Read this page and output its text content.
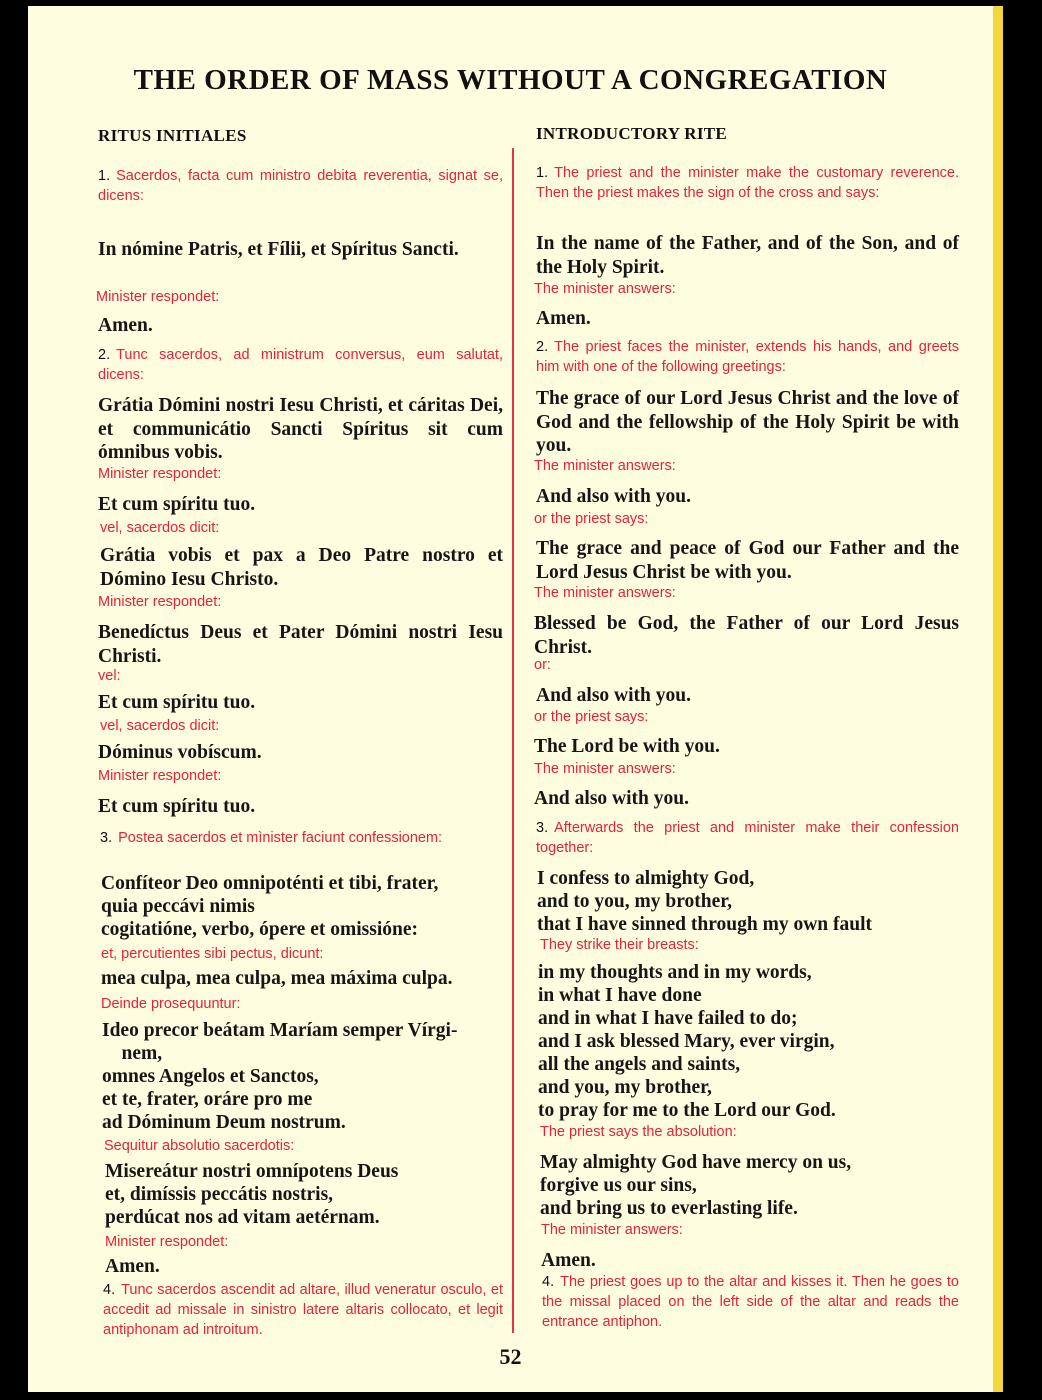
THE ORDER OF MASS WITHOUT A CONGREGATION
RITUS INITIALES
1. Sacerdos, facta cum ministro debita reverentia, signat se, dicens:
In nómine Patris, et Fílii, et Spíritus Sancti.
Minister respondet:
Amen.
2. Tunc sacerdos, ad ministrum conversus, eum salutat, dicens:
Grátia Dómini nostri Iesu Christi, et cáritas Dei, et communicátio Sancti Spíritus sit cum ómnibus vobis.
Minister respondet:
Et cum spíritu tuo.
vel, sacerdos dicit:
Grátia vobis et pax a Deo Patre nostro et Dómino Iesu Christo.
Minister respondet:
Benedíctus Deus et Pater Dómini nostri Iesu Christi.
vel:
Et cum spíritu tuo.
vel, sacerdos dicit:
Dóminus vobíscum.
Minister respondet:
Et cum spíritu tuo.
3. Postea sacerdos et mìnister faciunt confessionem:
Confíteor Deo omnipoténti et tibi, frater,
quia peccávi nimis
cogitatióne, verbo, ópere et omissióne:
et, percutientes sibi pectus, dicunt:
mea culpa, mea culpa, mea máxima culpa.
Deinde prosequuntur:
Ideo precor beátam Maríam semper Vírgi-
nem,
omnes Angelos et Sanctos,
et te, frater, oráre pro me
ad Dóminum Deum nostrum.
Sequitur absolutio sacerdotis:
Misereátur nostri omnípotens Deus
et, dimíssis peccátis nostris,
perdúcat nos ad vitam aetérnam.
Minister respondet:
Amen.
4. Tunc sacerdos ascendit ad altare, illud veneratur osculo, et accedit ad missale in sinistro latere altaris collocato, et legit antiphonam ad introitum.
INTRODUCTORY RITE
1. The priest and the minister make the customary reverence. Then the priest makes the sign of the cross and says:
In the name of the Father, and of the Son, and of the Holy Spirit.
The minister answers:
Amen.
2. The priest faces the minister, extends his hands, and greets him with one of the following greetings:
The grace of our Lord Jesus Christ and the love of God and the fellowship of the Holy Spirit be with you.
The minister answers:
And also with you.
or the priest says:
The grace and peace of God our Father and the Lord Jesus Christ be with you.
The minister answers:
Blessed be God, the Father of our Lord Jesus Christ.
or:
And also with you.
or the priest says:
The Lord be with you.
The minister answers:
And also with you.
3. Afterwards the priest and minister make their confession together:
I confess to almighty God,
and to you, my brother,
that I have sinned through my own fault
They strike their breasts:
in my thoughts and in my words,
in what I have done
and in what I have failed to do;
and I ask blessed Mary, ever virgin,
all the angels and saints,
and you, my brother,
to pray for me to the Lord our God.
The priest says the absolution:
May almighty God have mercy on us,
forgive us our sins,
and bring us to everlasting life.
The minister answers:
Amen.
4. The priest goes up to the altar and kisses it. Then he goes to the missal placed on the left side of the altar and reads the entrance antiphon.
52
